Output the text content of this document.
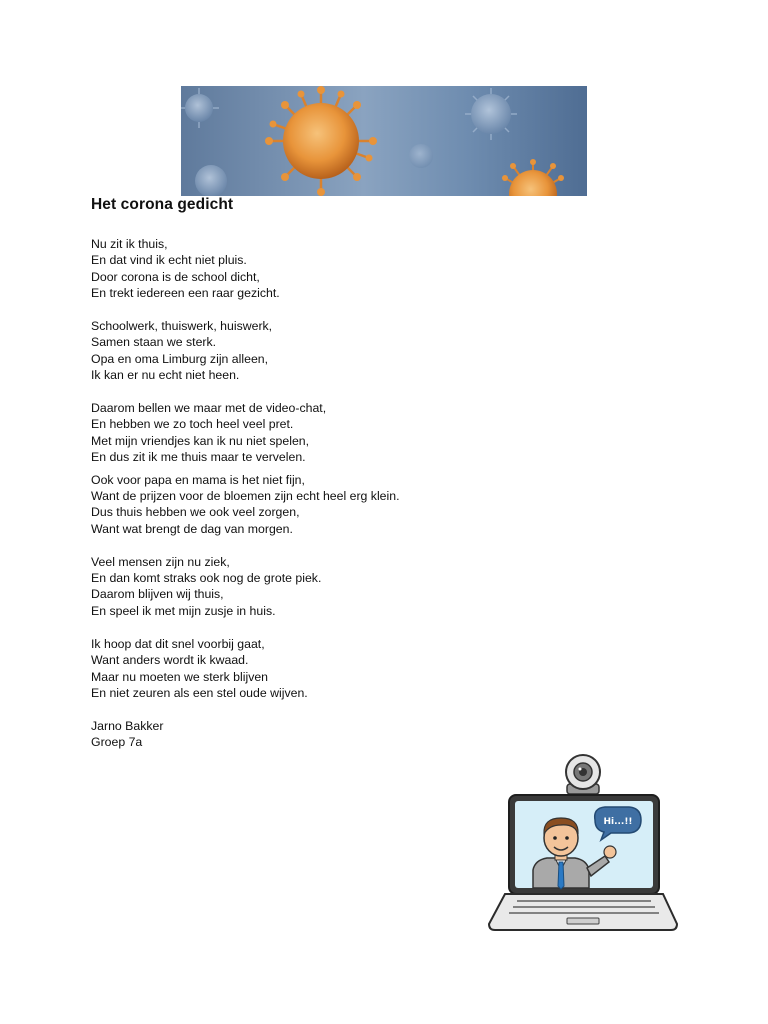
Het corona gedicht
Nu zit ik thuis,
En dat vind ik echt niet pluis.
Door corona is de school dicht,
En trekt iedereen een raar gezicht.
Schoolwerk, thuiswerk, huiswerk,
Samen staan we sterk.
Opa en oma Limburg zijn alleen,
Ik kan er nu echt niet heen.
Daarom bellen we maar met de video-chat,
En hebben we zo toch heel veel pret.
Met mijn vriendjes kan ik nu niet spelen,
En dus zit ik me thuis maar te vervelen.
Ook voor papa en mama is het niet fijn,
Want de prijzen voor de bloemen zijn echt heel erg klein.
Dus thuis hebben we ook veel zorgen,
Want wat brengt de dag van morgen.
Veel mensen zijn nu ziek,
En dan komt straks ook nog de grote piek.
Daarom blijven wij thuis,
En speel ik met mijn zusje in huis.
Ik hoop dat dit snel voorbij gaat,
Want anders wordt ik kwaad.
Maar nu moeten we sterk blijven
En niet zeuren als een stel oude wijven.
Jarno Bakker
Groep 7a
Hi...!!
